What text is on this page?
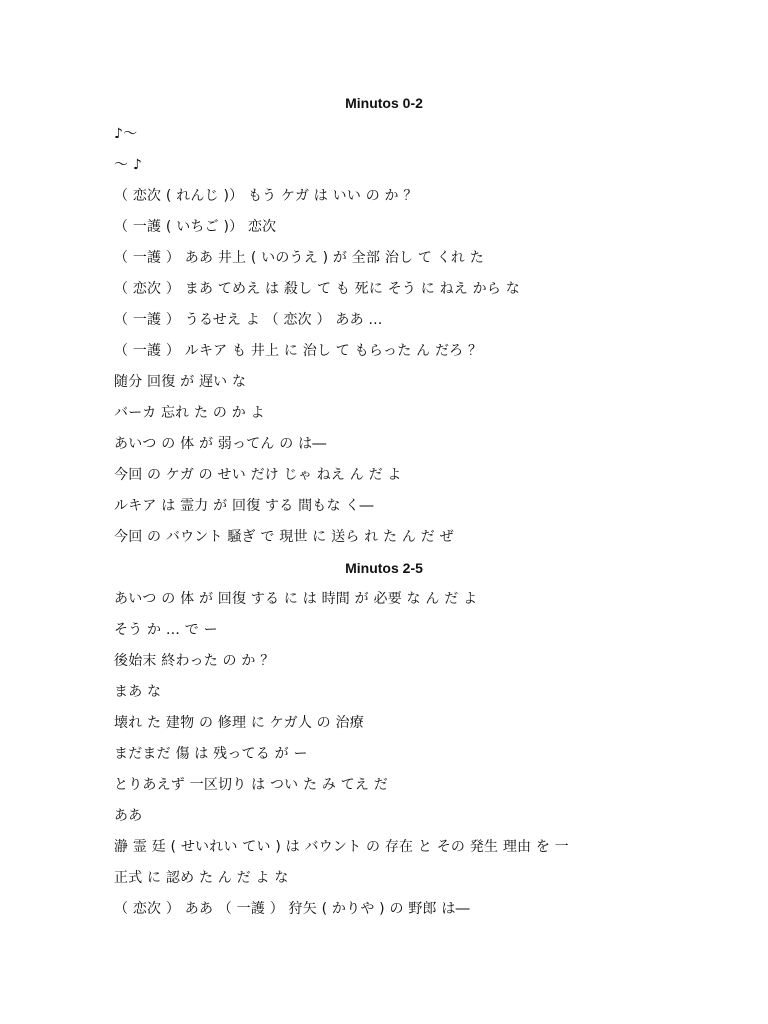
Minutos 0-2
♪～
～ ♪
（ 恋次 ( れんじ )） もう ケガ は いい の か ？
（ 一護 ( いちご )） 恋次
（ 一護 ） ああ 井上 ( いのうえ ) が 全部 治し て くれ た
（ 恋次 ） まあ てめえ は 殺し て も 死に そう に ねえ から な
（ 一護 ） うるせえ よ （ 恋次 ） ああ …
（ 一護 ） ルキア も 井上 に 治し て もらった ん だろ ？
随分 回復 が 遅い な
バーカ 忘れ た の か よ
あいつ の 体 が 弱ってん の は―
今回 の ケガ の せい だけ じゃ ねえ ん だ よ
ルキア は 霊力 が 回復 する 間もな く―
今回 の バウント 騒ぎ で 現世 に 送ら れ た ん だ ぜ
Minutos 2-5
あいつ の 体 が 回復 する に は 時間 が 必要 な ん だ よ
そう か … で ー
後始末 終わった の か ？
まあ な
壊れ た 建物 の 修理 に ケガ人 の 治療
まだまだ 傷 は 残ってる が ー
とりあえず 一区切り は つい た み てえ だ
ああ
瀞 霊 廷 ( せいれい てい ) は バウント の 存在 と その 発生 理由 を 一
正式 に 認め た ん だ よ な
（ 恋次 ） ああ （ 一護 ） 狩矢 ( かりや ) の 野郎 は―
